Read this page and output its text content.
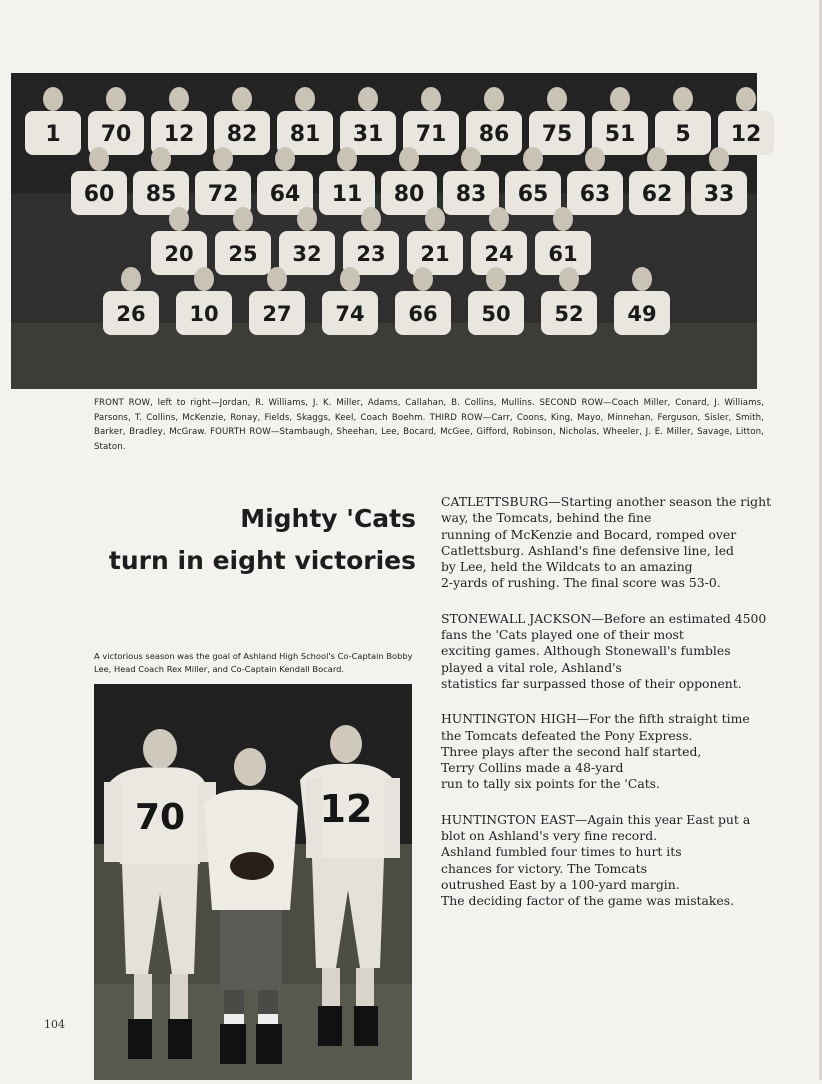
1 70 12 82 81 31 71 86 75 51 5 12
60 85 72 64 11 80 83 65 63 62 33
20 25 32 23 21 24 61
26 10 27 74 66 50 52 49
FRONT ROW, left to right—Jordan, R. Williams, J. K. Miller, Adams, Callahan, B. Collins, Mullins. SECOND ROW—Coach Miller, Conard, J. Williams, Parsons, T. Collins, McKenzie, Ronay, Fields, Skaggs, Keel, Coach Boehm. THIRD ROW—Carr, Coons, King, Mayo, Minnehan, Ferguson, Sisler, Smith, Barker, Bradley, McGraw. FOURTH ROW—Stambaugh, Sheehan, Lee, Bocard, McGee, Gifford, Robinson, Nicholas, Wheeler, J. E. Miller, Savage, Litton, Staton.
Mighty 'Cats
turn in eight victories
A victorious season was the goal of Ashland High School's Co-Captain Bobby Lee, Head Coach Rex Miller, and Co-Captain Kendall Bocard.
70	12

CATLETTSBURG—Starting another season the right
way, the Tomcats, behind the fine
running of McKenzie and Bocard, romped over
Catlettsburg. Ashland's fine defensive line, led
by Lee, held the Wildcats to an amazing
2-yards of rushing. The final score was 53-0.

STONEWALL JACKSON—Before an estimated 4500
fans the 'Cats played one of their most
exciting games. Although Stonewall's fumbles
played a vital role, Ashland's
statistics far surpassed those of their opponent.

HUNTINGTON HIGH—For the fifth straight time
the Tomcats defeated the Pony Express.
Three plays after the second half started,
Terry Collins made a 48-yard
run to tally six points for the 'Cats.

HUNTINGTON EAST—Again this year East put a
blot on Ashland's very fine record.
Ashland fumbled four times to hurt its
chances for victory. The Tomcats
outrushed East by a 100-yard margin.
The deciding factor of the game was mistakes.

104
